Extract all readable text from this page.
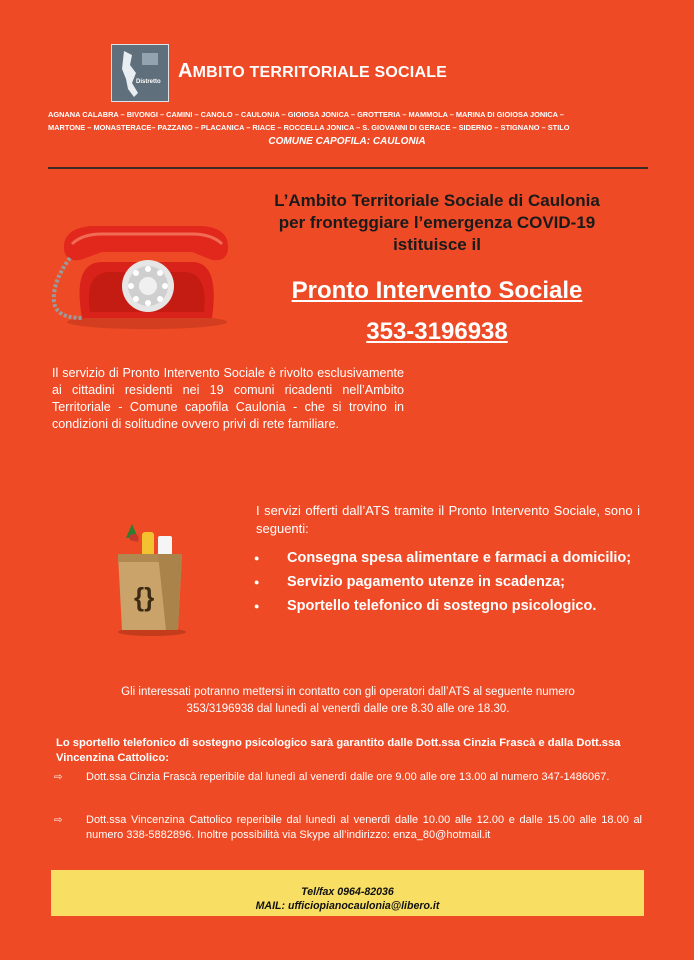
Distretto AMBITO TERRITORIALE SOCIALE
AGNANA CALABRA – BIVONGI – CAMINI – CANOLO – CAULONIA – GIOIOSA JONICA – GROTTERIA – MAMMOLA – MARINA DI GIOIOSA JONICA –
MARTONE – MONASTERACE– PAZZANO – PLACANICA – RIACE – ROCCELLA JONICA – S. GIOVANNI DI GERACE – SIDERNO – STIGNANO – STILO
COMUNE CAPOFILA: CAULONIA
L’Ambito Territoriale Sociale di Caulonia
per fronteggiare l’emergenza COVID-19
istituisce il
Pronto Intervento Sociale
353-3196938
Il servizio di Pronto Intervento Sociale è rivolto esclusivamente ai cittadini residenti nei 19 comuni ricadenti nell’Ambito Territoriale - Comune capofila Caulonia - che si trovino in condizioni di solitudine ovvero privi di rete familiare.
I servizi offerti dall’ATS tramite il Pronto Intervento Sociale, sono i seguenti:
{}
● Consegna spesa alimentare e farmaci a domicilio;
● Servizio pagamento utenze in scadenza;
● Sportello telefonico di sostegno psicologico.
Gli interessati potranno mettersi in contatto con gli operatori dall’ATS al seguente numero
353/3196938 dal lunedì al venerdì dalle ore 8.30 alle ore 18.30.
Lo sportello telefonico di sostegno psicologico sarà garantito dalle Dott.ssa Cinzia Frascà e dalla Dott.ssa Vincenzina Cattolico:
⇨	Dott.ssa Cinzia Frascà reperibile dal lunedì al venerdì dalle ore 9.00 alle ore 13.00 al numero 347-1486067.
⇨	Dott.ssa Vincenzina Cattolico reperibile dal lunedì al venerdì dalle 10.00 alle 12.00 e dalle 15.00 alle 18.00 al numero 338-5882896. Inoltre possibilità via Skype all’indirizzo: enza_80@hotmail.it
Tel/fax 0964-82036
MAIL: ufficiopianocaulonia@libero.it
